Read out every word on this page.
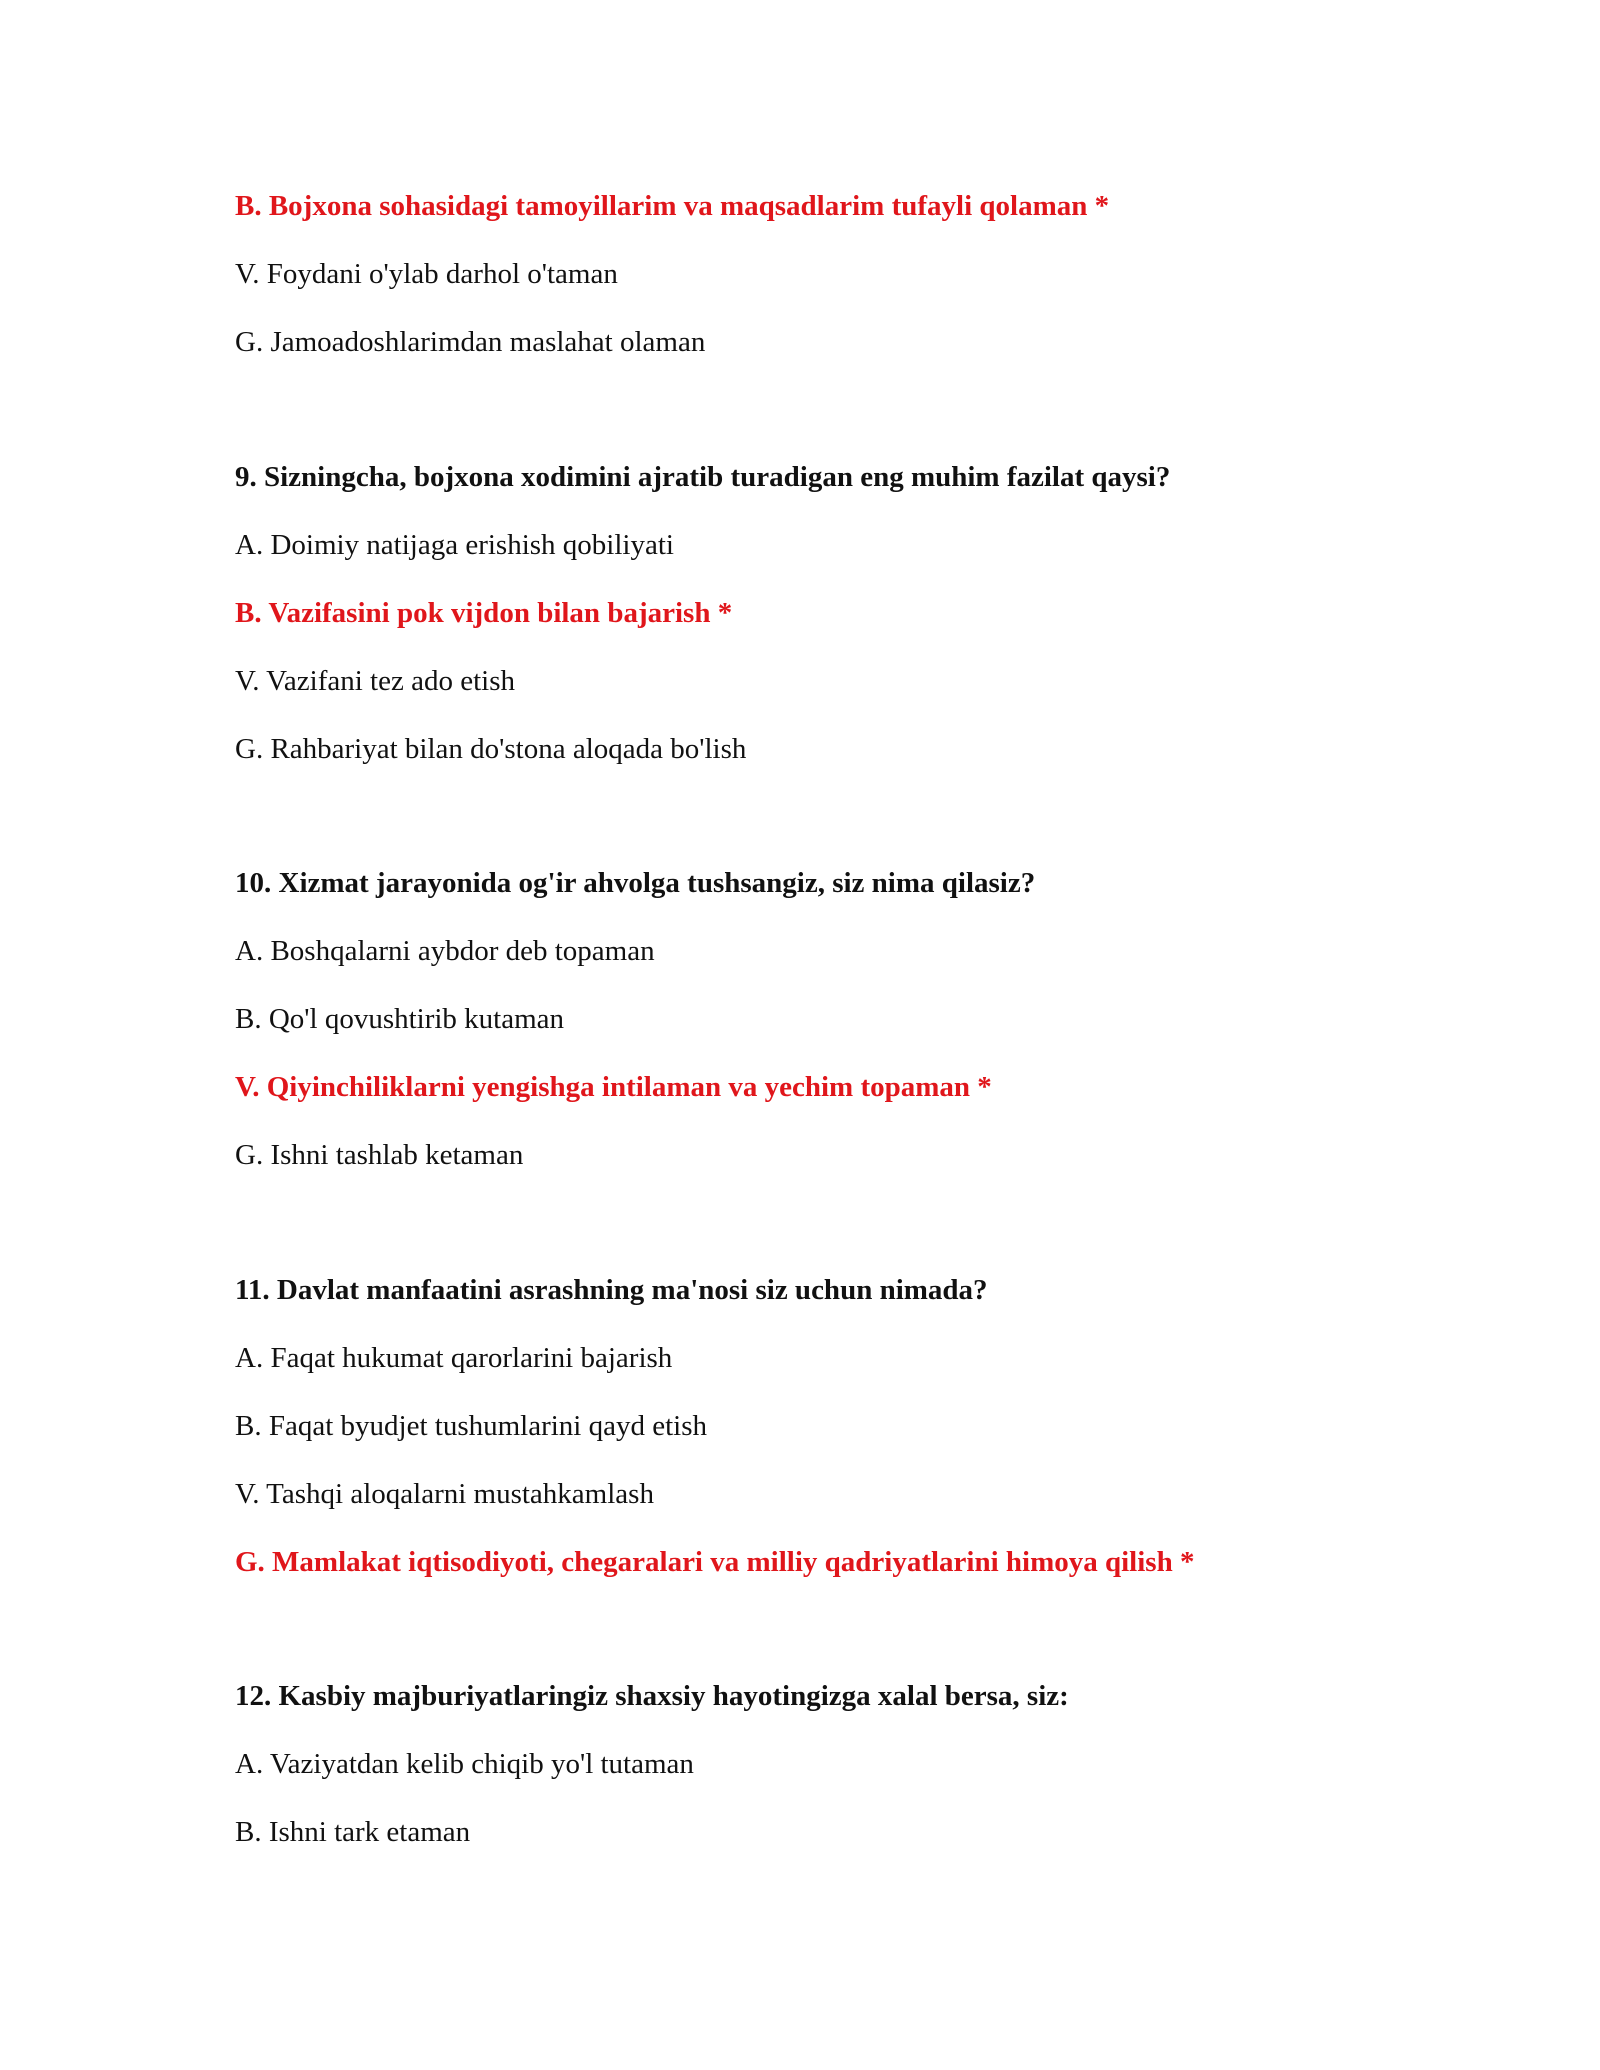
B. Bojxona sohasidagi tamoyillarim va maqsadlarim tufayli qolaman *
V. Foydani o'ylab darhol o'taman
G. Jamoadoshlarimdan maslahat olaman
9. Sizningcha, bojxona xodimini ajratib turadigan eng muhim fazilat qaysi?
A. Doimiy natijaga erishish qobiliyati
B. Vazifasini pok vijdon bilan bajarish *
V. Vazifani tez ado etish
G. Rahbariyat bilan do'stona aloqada bo'lish
10. Xizmat jarayonida og'ir ahvolga tushsangiz, siz nima qilasiz?
A. Boshqalarni aybdor deb topaman
B. Qo'l qovushtirib kutaman
V. Qiyinchiliklarni yengishga intilaman va yechim topaman *
G. Ishni tashlab ketaman
11. Davlat manfaatini asrashning ma'nosi siz uchun nimada?
A. Faqat hukumat qarorlarini bajarish
B. Faqat byudjet tushumlarini qayd etish
V. Tashqi aloqalarni mustahkamlash
G. Mamlakat iqtisodiyoti, chegaralari va milliy qadriyatlarini himoya qilish *
12. Kasbiy majburiyatlaringiz shaxsiy hayotingizga xalal bersa, siz:
A. Vaziyatdan kelib chiqib yo'l tutaman
B. Ishni tark etaman
